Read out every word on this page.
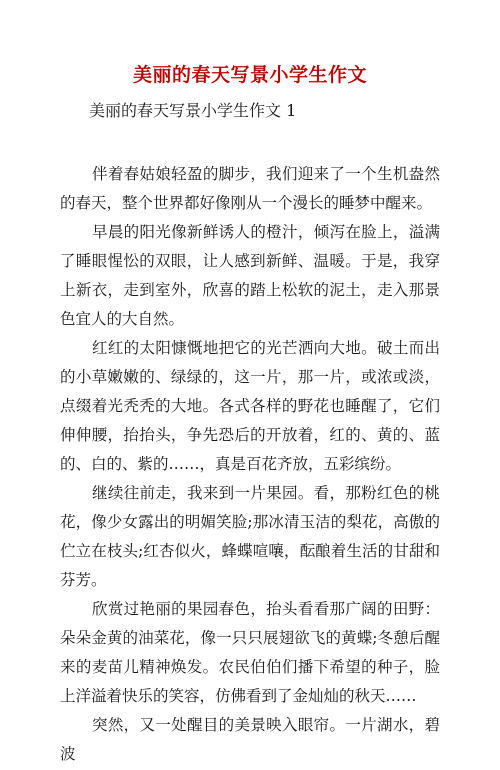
美丽的春天写景小学生作文
美丽的春天写景小学生作文 1

伴着春姑娘轻盈的脚步，我们迎来了一个生机盎然的春天，整个世界都好像刚从一个漫长的睡梦中醒来。

早晨的阳光像新鲜诱人的橙汁，倾泻在脸上，溢满了睡眼惺忪的双眼，让人感到新鲜、温暖。于是，我穿上新衣，走到室外，欣喜的踏上松软的泥土，走入那景色宜人的大自然。

红红的太阳慷慨地把它的光芒洒向大地。破土而出的小草嫩嫩的、绿绿的，这一片，那一片，或浓或淡，点缀着光秃秃的大地。各式各样的野花也睡醒了，它们伸伸腰，抬抬头，争先恐后的开放着，红的、黄的、蓝的、白的、紫的……，真是百花齐放，五彩缤纷。

继续往前走，我来到一片果园。看，那粉红色的桃花，像少女露出的明媚笑脸;那冰清玉洁的梨花，高傲的伫立在枝头;红杏似火，蜂蝶喧嚷，酝酿着生活的甘甜和芬芳。

欣赏过艳丽的果园春色，抬头看看那广阔的田野：朵朵金黄的油菜花，像一只只展翅欲飞的黄蝶;冬憩后醒来的麦苗儿精神焕发。农民伯伯们播下希望的种子，脸上洋溢着快乐的笑容，仿佛看到了金灿灿的秋天……

突然，又一处醒目的美景映入眼帘。一片湖水，碧波
